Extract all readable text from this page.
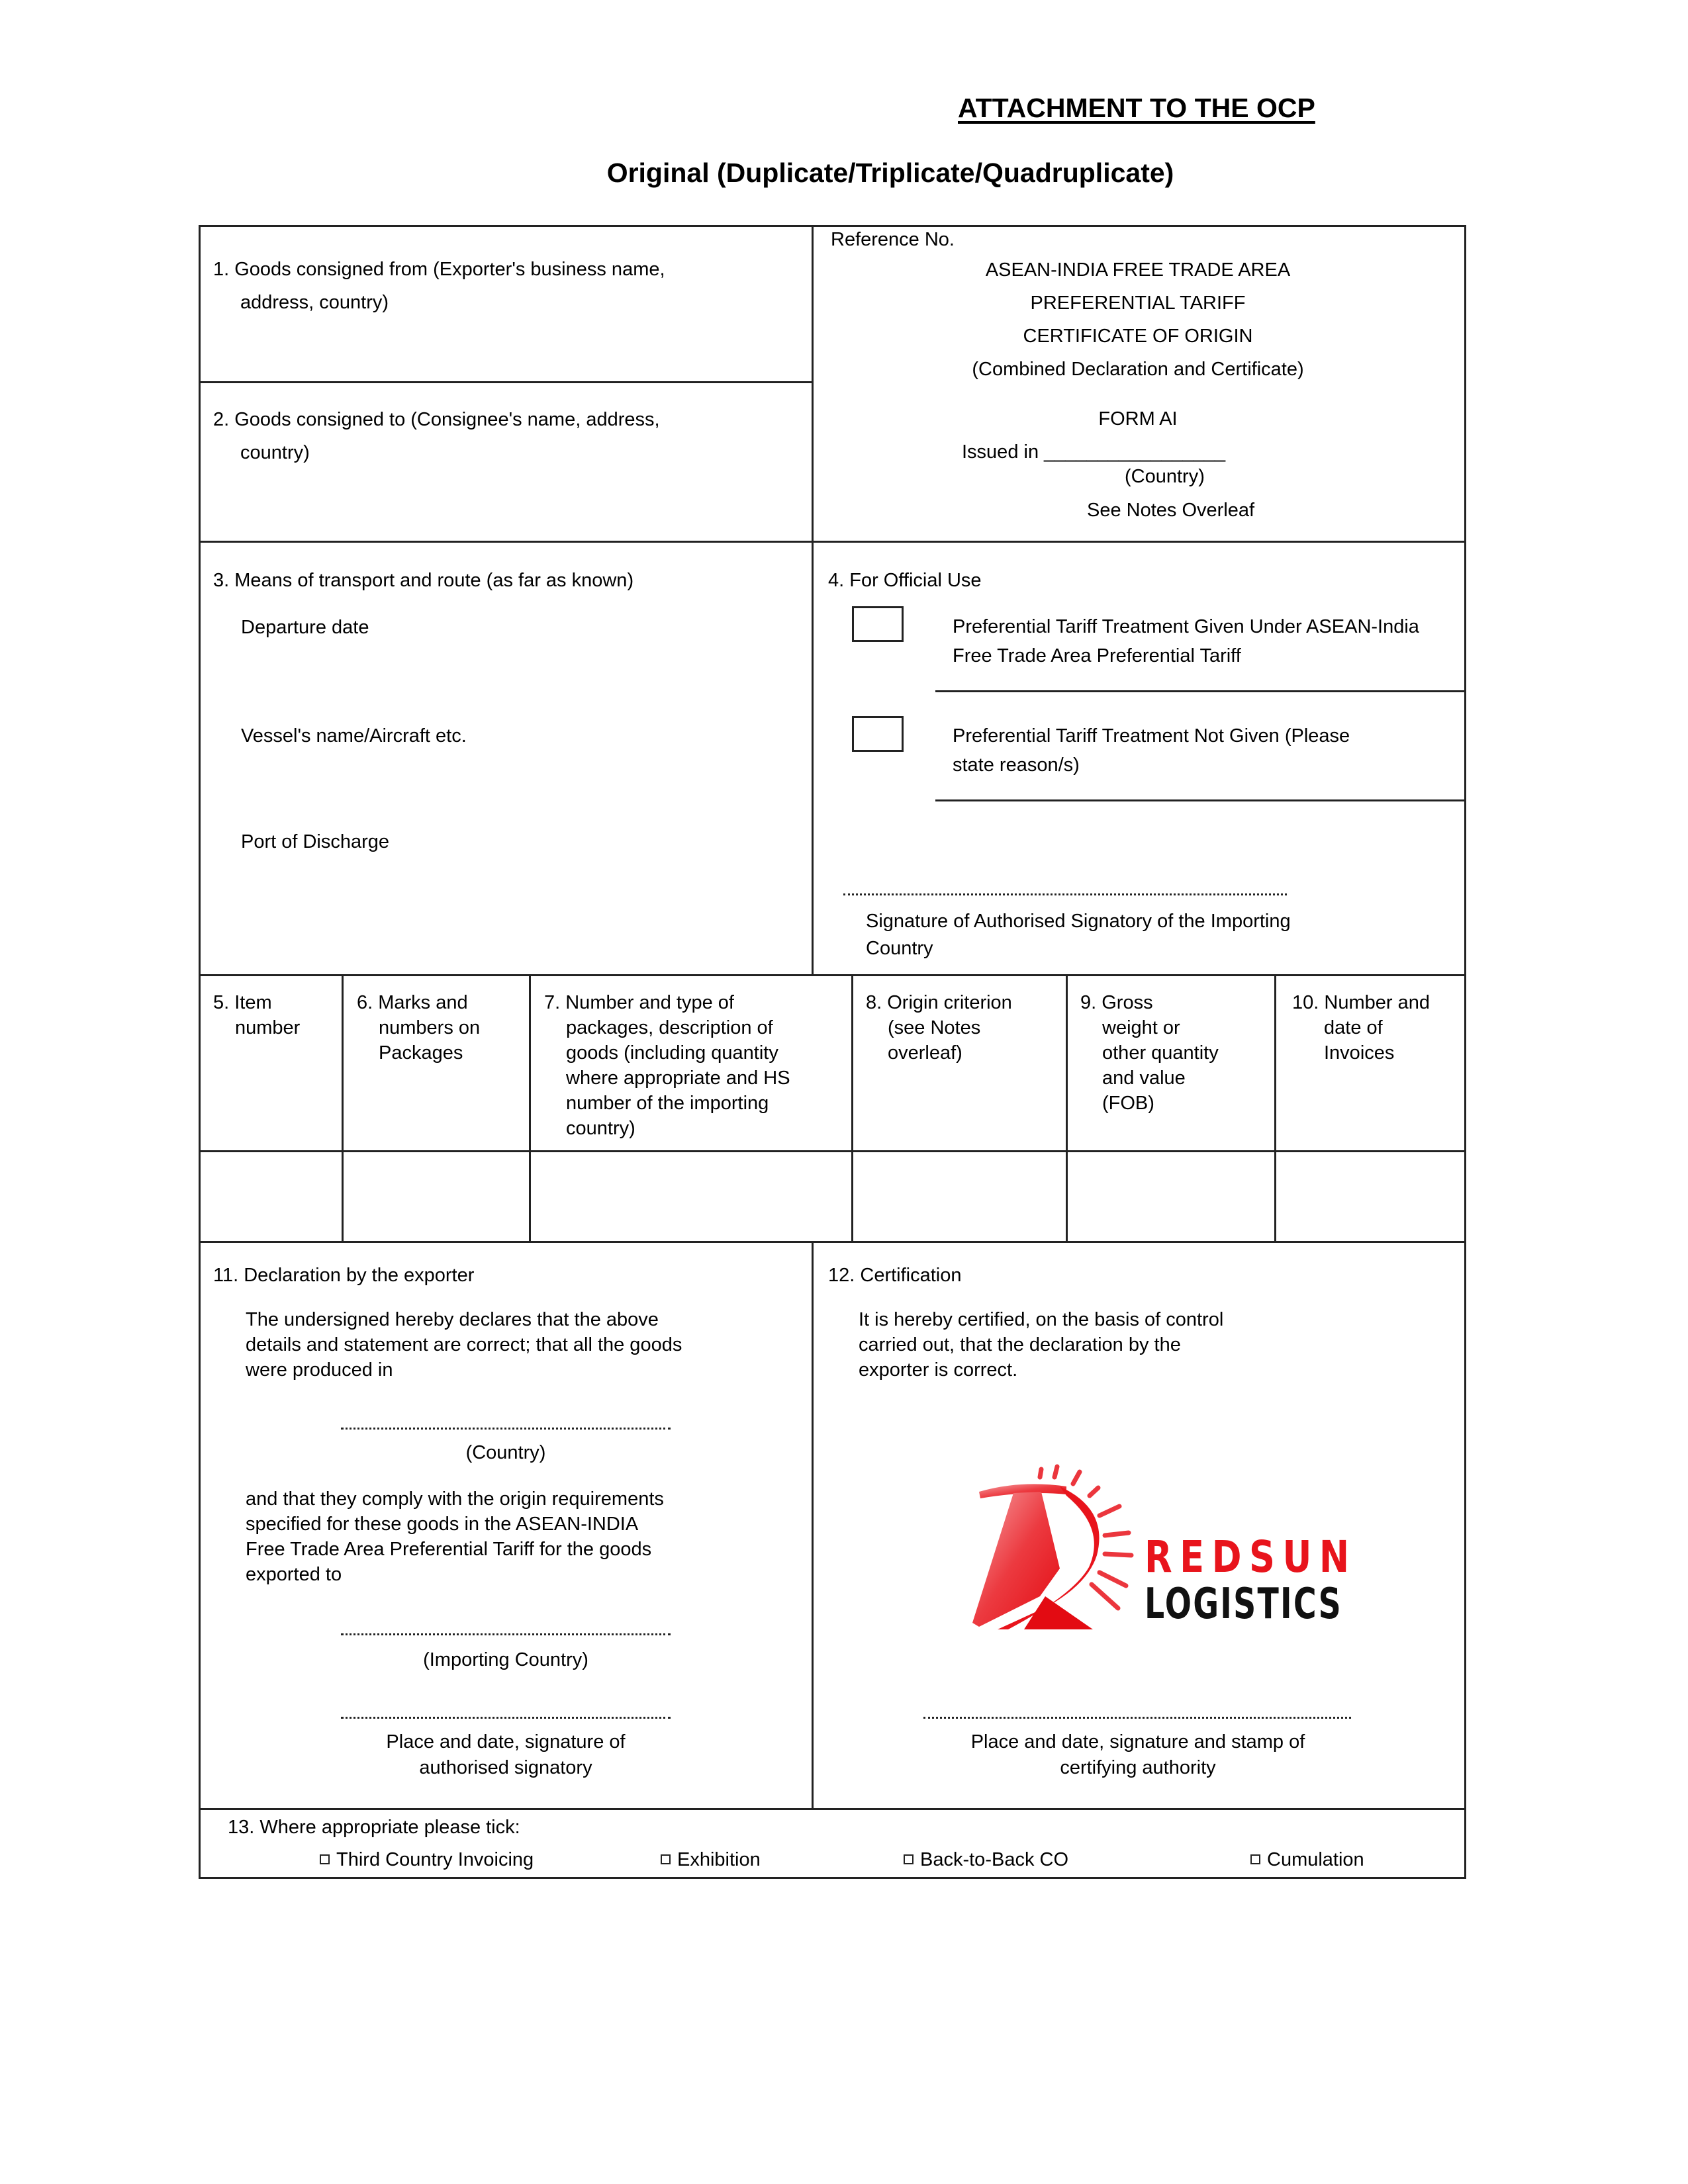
ATTACHMENT TO THE OCP
Original (Duplicate/Triplicate/Quadruplicate)
1. Goods consigned from (Exporter's business name,
address, country)
2. Goods consigned to (Consignee's name, address,
country)
Reference No.
ASEAN-INDIA FREE TRADE AREA
PREFERENTIAL TARIFF
CERTIFICATE OF ORIGIN
(Combined Declaration and Certificate)
FORM AI
Issued in _________________
(Country)
See Notes Overleaf
3. Means of transport and route (as far as known)
Departure date
Vessel's name/Aircraft etc.
Port of Discharge
4. For Official Use
Preferential Tariff Treatment Given Under ASEAN-India
Free Trade Area Preferential Tariff
Preferential Tariff Treatment Not Given (Please
state reason/s)
Signature of Authorised Signatory of the Importing
Country
5. Item
number
6. Marks and
numbers on
Packages
7. Number and type of
packages, description of
goods (including quantity
where appropriate and HS
number of the importing
country)
8. Origin criterion
(see Notes
overleaf)
9. Gross
weight or
other quantity
and value
(FOB)
10. Number and
date of
Invoices
11. Declaration by the exporter
The undersigned hereby declares that the above
details and statement are correct; that all the goods
were produced in
(Country)
and that they comply with the origin requirements
specified for these goods in the ASEAN-INDIA
Free Trade Area Preferential Tariff for the goods
exported to
(Importing Country)
Place and date, signature of
authorised signatory
12. Certification
It is hereby certified, on the basis of control
carried out, that the declaration by the
exporter is correct.
REDSUN
LOGISTICS
Place and date, signature and stamp of
certifying authority
13. Where appropriate please tick:
Third Country Invoicing	Exhibition	Back-to-Back CO	Cumulation
